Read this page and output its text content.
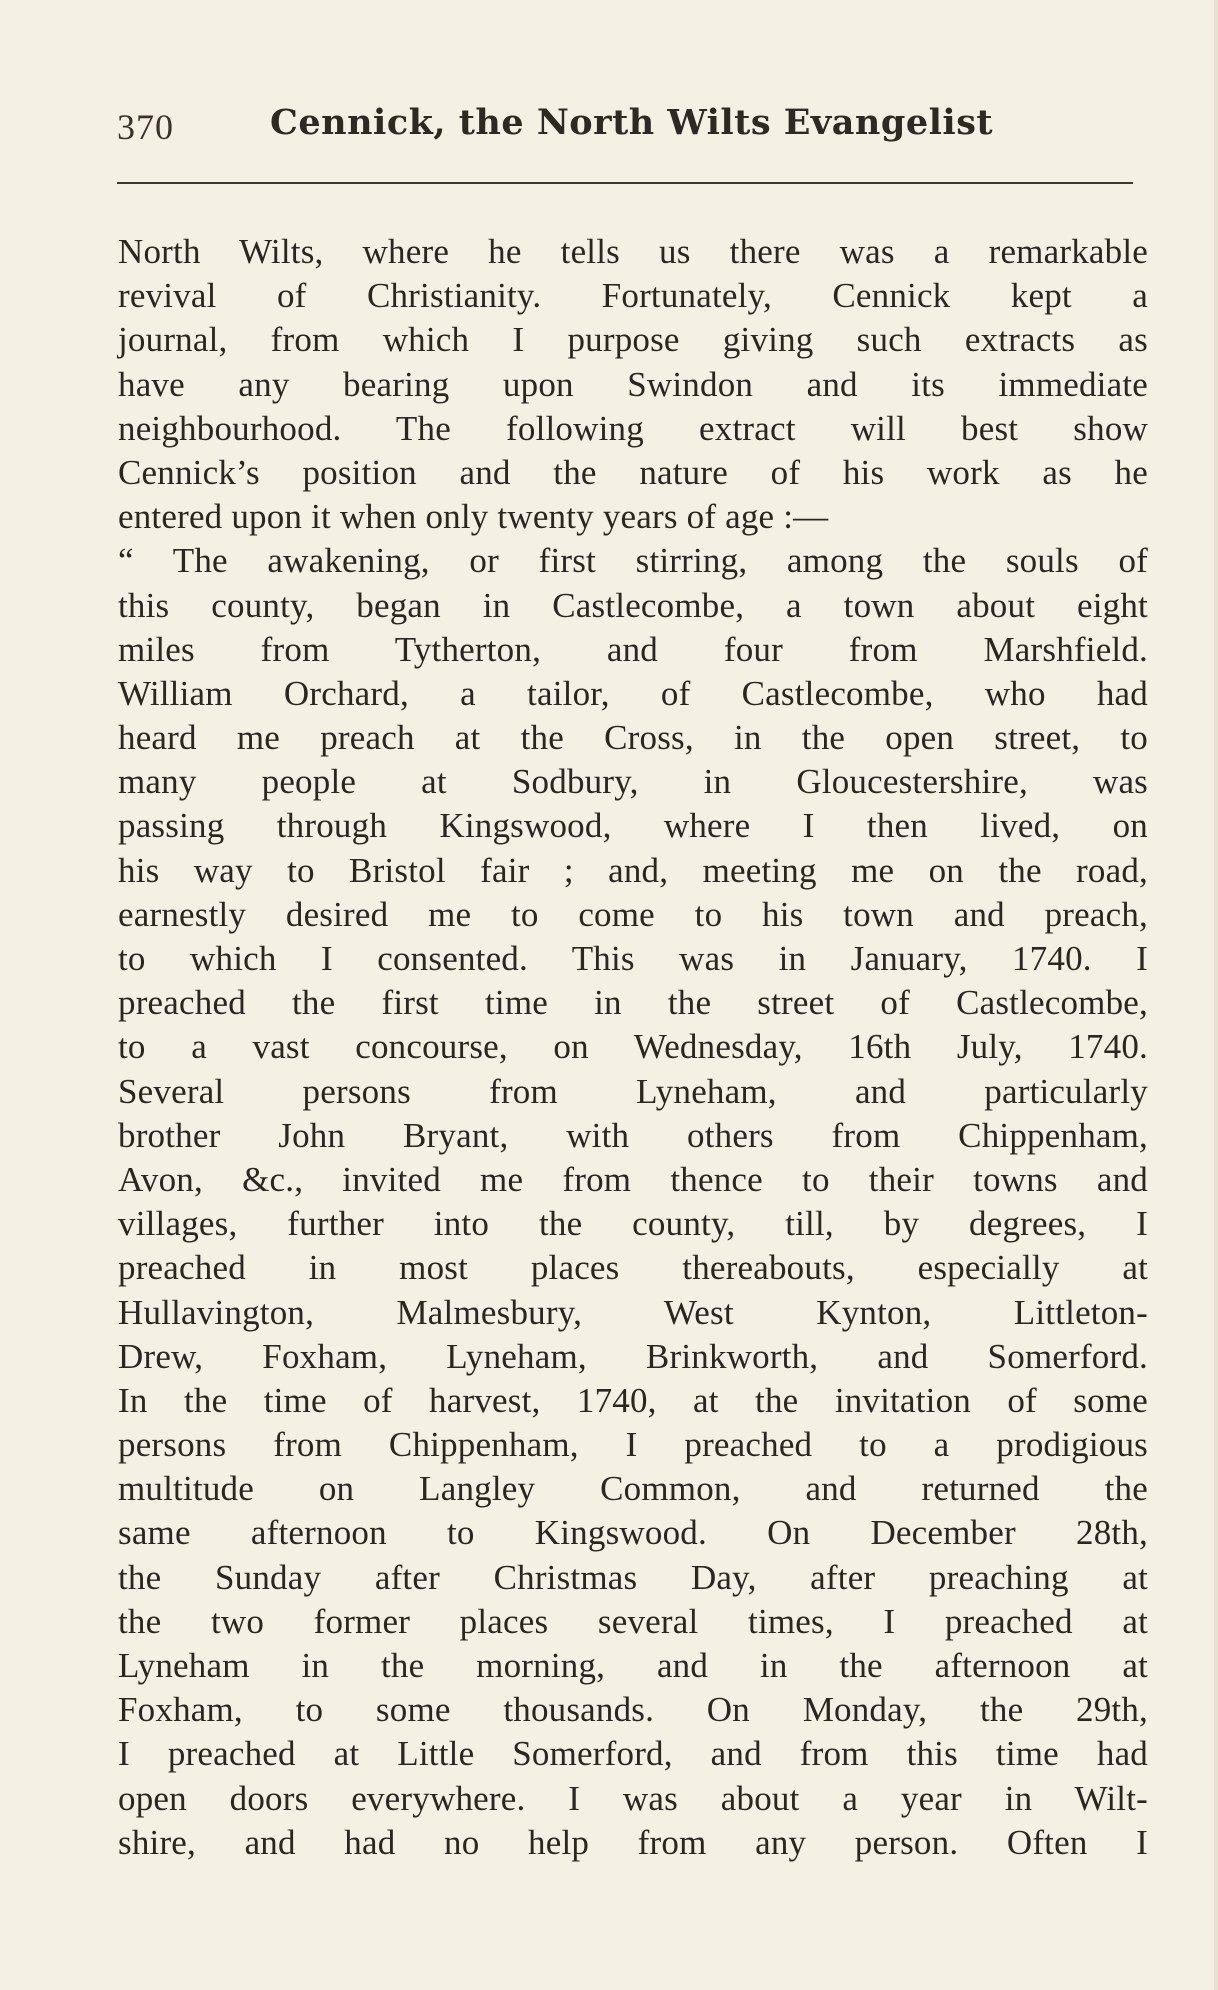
370	Cennick, the North Wilts Evangelist
North Wilts, where he tells us there was a remarkable
revival of Christianity. Fortunately, Cennick kept a
journal, from which I purpose giving such extracts as
have any bearing upon Swindon and its immediate
neighbourhood. The following extract will best show
Cennick’s position and the nature of his work as he
entered upon it when only twenty years of age :—
“ The awakening, or first stirring, among the souls of
this county, began in Castlecombe, a town about eight
miles from Tytherton, and four from Marshfield.
William Orchard, a tailor, of Castlecombe, who had
heard me preach at the Cross, in the open street, to
many people at Sodbury, in Gloucestershire, was
passing through Kingswood, where I then lived, on
his way to Bristol fair ; and, meeting me on the road,
earnestly desired me to come to his town and preach,
to which I consented. This was in January, 1740. I
preached the first time in the street of Castlecombe,
to a vast concourse, on Wednesday, 16th July, 1740.
Several persons from Lyneham, and particularly
brother John Bryant, with others from Chippenham,
Avon, &c., invited me from thence to their towns and
villages, further into the county, till, by degrees, I
preached in most places thereabouts, especially at
Hullavington, Malmesbury, West Kynton, Littleton-
Drew, Foxham, Lyneham, Brinkworth, and Somerford.
In the time of harvest, 1740, at the invitation of some
persons from Chippenham, I preached to a prodigious
multitude on Langley Common, and returned the
same afternoon to Kingswood. On December 28th,
the Sunday after Christmas Day, after preaching at
the two former places several times, I preached at
Lyneham in the morning, and in the afternoon at
Foxham, to some thousands. On Monday, the 29th,
I preached at Little Somerford, and from this time had
open doors everywhere. I was about a year in Wilt-
shire, and had no help from any person. Often I
